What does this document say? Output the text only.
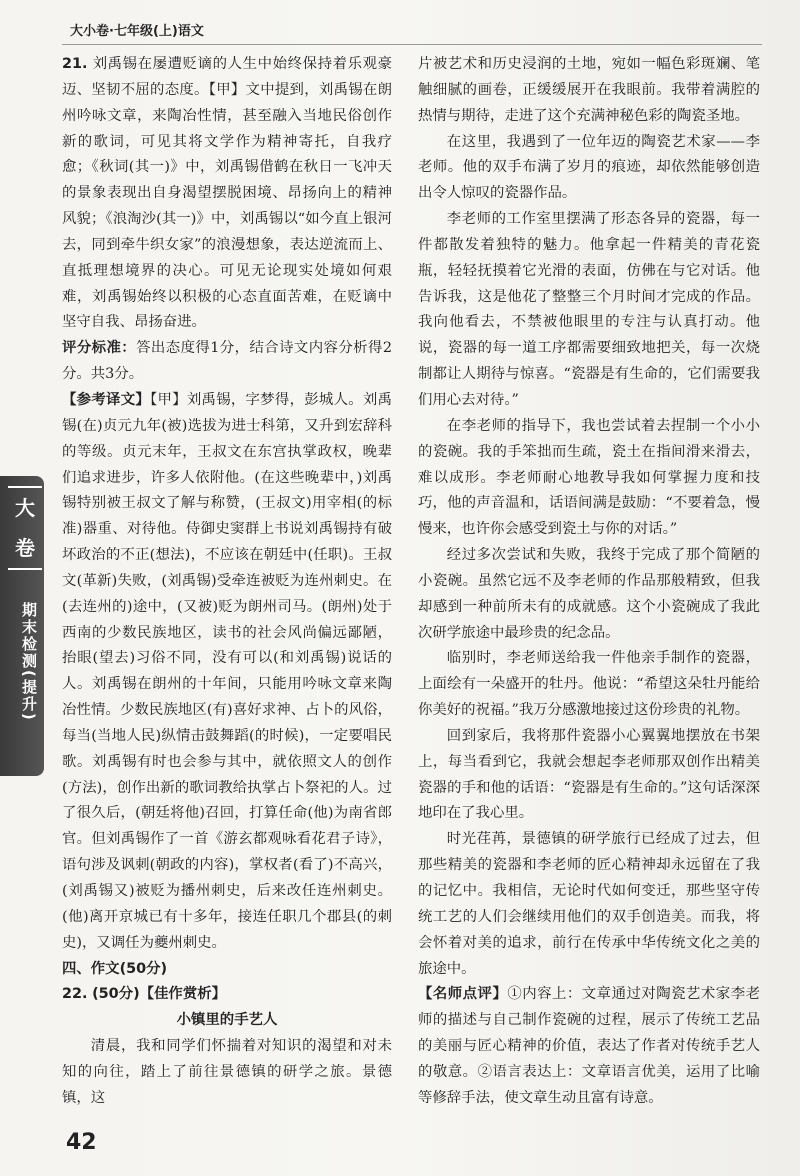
大小卷·七年级(上)语文

21. 刘禹锡在屡遭贬谪的人生中始终保持着乐观豪迈、坚韧不屈的态度。【甲】文中提到，刘禹锡在朗州吟咏文章，来陶冶性情，甚至融入当地民俗创作新的歌词，可见其将文学作为精神寄托，自我疗愈；《秋词(其一)》中，刘禹锡借鹤在秋日一飞冲天的景象表现出自身渴望摆脱困境、昂扬向上的精神风貌；《浪淘沙(其一)》中，刘禹锡以“如今直上银河去，同到牵牛织女家”的浪漫想象，表达逆流而上、直抵理想境界的决心。可见无论现实处境如何艰难，刘禹锡始终以积极的心态直面苦难，在贬谪中坚守自我、昂扬奋进。

评分标准：答出态度得1分，结合诗文内容分析得2分。共3分。

【参考译文】【甲】刘禹锡，字梦得，彭城人。刘禹锡(在)贞元九年(被)选拔为进士科第，又升到宏辞科的等级。贞元末年，王叔文在东宫执掌政权，晚辈们追求进步，许多人依附他。(在这些晚辈中，)刘禹锡特别被王叔文了解与称赞，(王叔文)用宰相(的标准)器重、对待他。侍御史窦群上书说刘禹锡持有破坏政治的不正(想法)，不应该在朝廷中(任职)。王叔文(革新)失败，(刘禹锡)受牵连被贬为连州刺史。在(去连州的)途中，(又被)贬为朗州司马。(朗州)处于西南的少数民族地区，读书的社会风尚偏远鄙陋，抬眼(望去)习俗不同，没有可以(和刘禹锡)说话的人。刘禹锡在朗州的十年间，只能用吟咏文章来陶冶性情。少数民族地区(有)喜好求神、占卜的风俗，每当(当地人民)纵情击鼓舞蹈(的时候)，一定要唱民歌。刘禹锡有时也会参与其中，就依照文人的创作(方法)，创作出新的歌词教给执掌占卜祭祀的人。过了很久后，(朝廷将他)召回，打算任命(他)为南省郎官。但刘禹锡作了一首《游玄都观咏看花君子诗》，语句涉及讽刺(朝政的内容)，掌权者(看了)不高兴，(刘禹锡又)被贬为播州刺史，后来改任连州刺史。(他)离开京城已有十多年，接连任职几个郡县(的刺史)，又调任为夔州刺史。

四、作文(50分)

22. (50分)【佳作赏析】

小镇里的手艺人

清晨，我和同学们怀揣着对知识的渴望和对未知的向往，踏上了前往景德镇的研学之旅。景德镇，这

片被艺术和历史浸润的土地，宛如一幅色彩斑斓、笔触细腻的画卷，正缓缓展开在我眼前。我带着满腔的热情与期待，走进了这个充满神秘色彩的陶瓷圣地。

在这里，我遇到了一位年迈的陶瓷艺术家——李老师。他的双手布满了岁月的痕迹，却依然能够创造出令人惊叹的瓷器作品。

李老师的工作室里摆满了形态各异的瓷器，每一件都散发着独特的魅力。他拿起一件精美的青花瓷瓶，轻轻抚摸着它光滑的表面，仿佛在与它对话。他告诉我，这是他花了整整三个月时间才完成的作品。我向他看去，不禁被他眼里的专注与认真打动。他说，瓷器的每一道工序都需要细致地把关，每一次烧制都让人期待与惊喜。“瓷器是有生命的，它们需要我们用心去对待。”

在李老师的指导下，我也尝试着去捏制一个小小的瓷碗。我的手笨拙而生疏，瓷土在指间滑来滑去，难以成形。李老师耐心地教导我如何掌握力度和技巧，他的声音温和，话语间满是鼓励：“不要着急，慢慢来，也许你会感受到瓷土与你的对话。”

经过多次尝试和失败，我终于完成了那个简陋的小瓷碗。虽然它远不及李老师的作品那般精致，但我却感到一种前所未有的成就感。这个小瓷碗成了我此次研学旅途中最珍贵的纪念品。

临别时，李老师送给我一件他亲手制作的瓷器，上面绘有一朵盛开的牡丹。他说：“希望这朵牡丹能给你美好的祝福。”我万分感激地接过这份珍贵的礼物。

回到家后，我将那件瓷器小心翼翼地摆放在书架上，每当看到它，我就会想起李老师那双创作出精美瓷器的手和他的话语：“瓷器是有生命的。”这句话深深地印在了我心里。

时光荏苒，景德镇的研学旅行已经成了过去，但那些精美的瓷器和李老师的匠心精神却永远留在了我的记忆中。我相信，无论时代如何变迁，那些坚守传统工艺的人们会继续用他们的双手创造美。而我，将会怀着对美的追求，前行在传承中华传统文化之美的旅途中。

【名师点评】①内容上：文章通过对陶瓷艺术家李老师的描述与自己制作瓷碗的过程，展示了传统工艺品的美丽与匠心精神的价值，表达了作者对传统手艺人的敬意。②语言表达上：文章语言优美，运用了比喻等修辞手法，使文章生动且富有诗意。

大
卷
期末检测(提升)
42
